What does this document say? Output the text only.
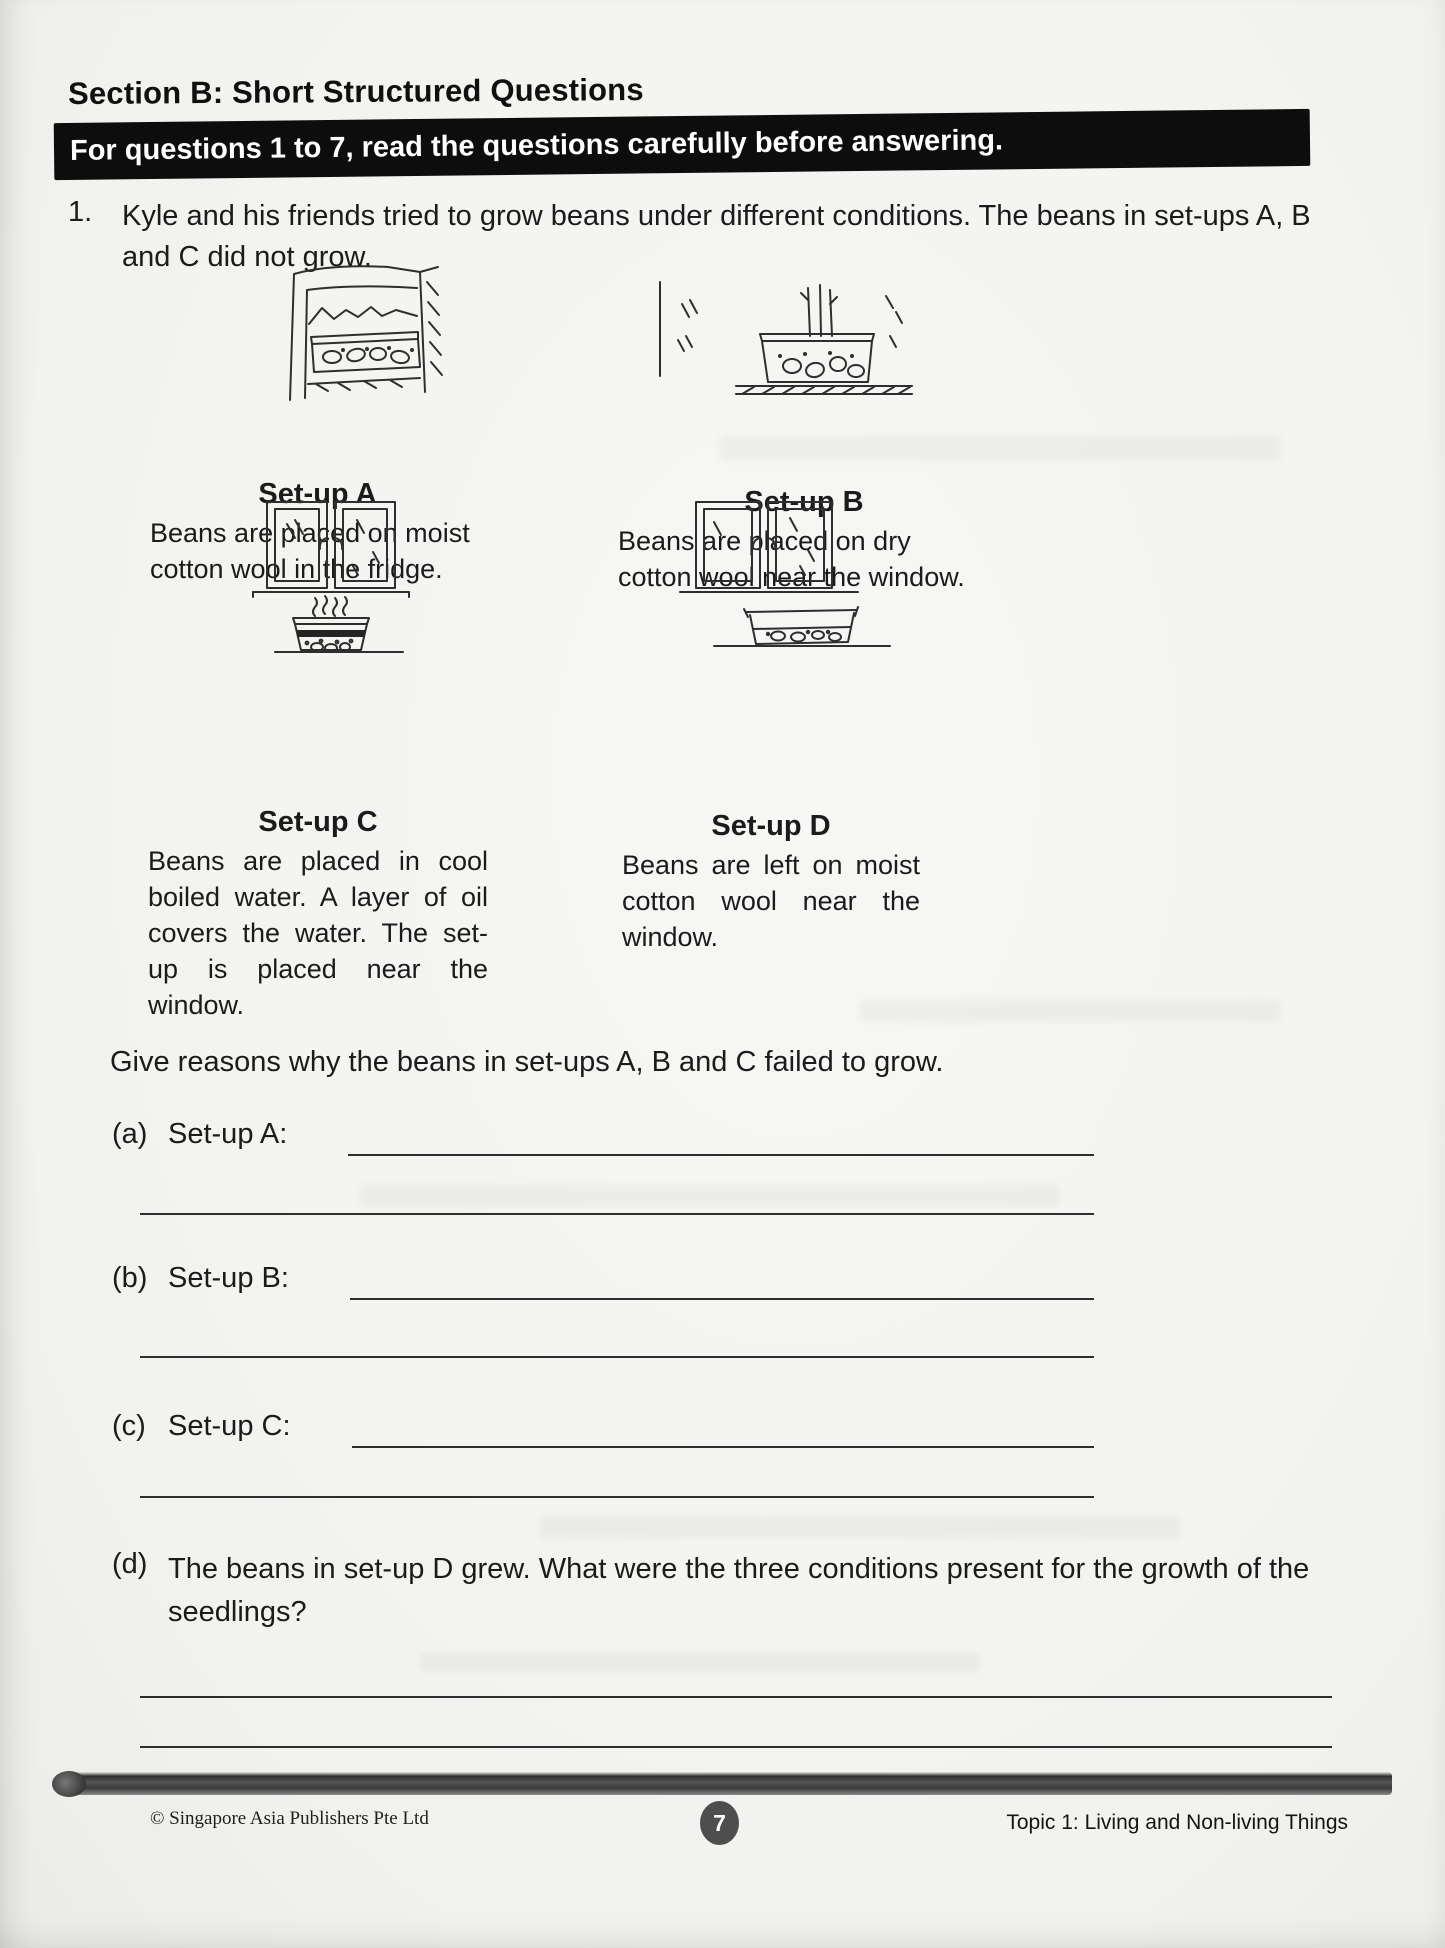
Section B: Short Structured Questions
For questions 1 to 7, read the questions carefully before answering.
1. Kyle and his friends tried to grow beans under different conditions. The beans in set-ups A, B and C did not grow.
Set-up A
Beans are placed on moist cotton wool in the fridge.
Set-up B
Beans are placed on dry cotton wool near the window.
Set-up C
Beans are placed in cool boiled water. A layer of oil covers the water. The set-up is placed near the window.
Set-up D
Beans are left on moist cotton wool near the window.
Give reasons why the beans in set-ups A, B and C failed to grow.
(a) Set-up A:
(b) Set-up B:
(c) Set-up C:
(d) The beans in set-up D grew. What were the three conditions present for the growth of the seedlings?
© Singapore Asia Publishers Pte Ltd	7	Topic 1: Living and Non-living Things
